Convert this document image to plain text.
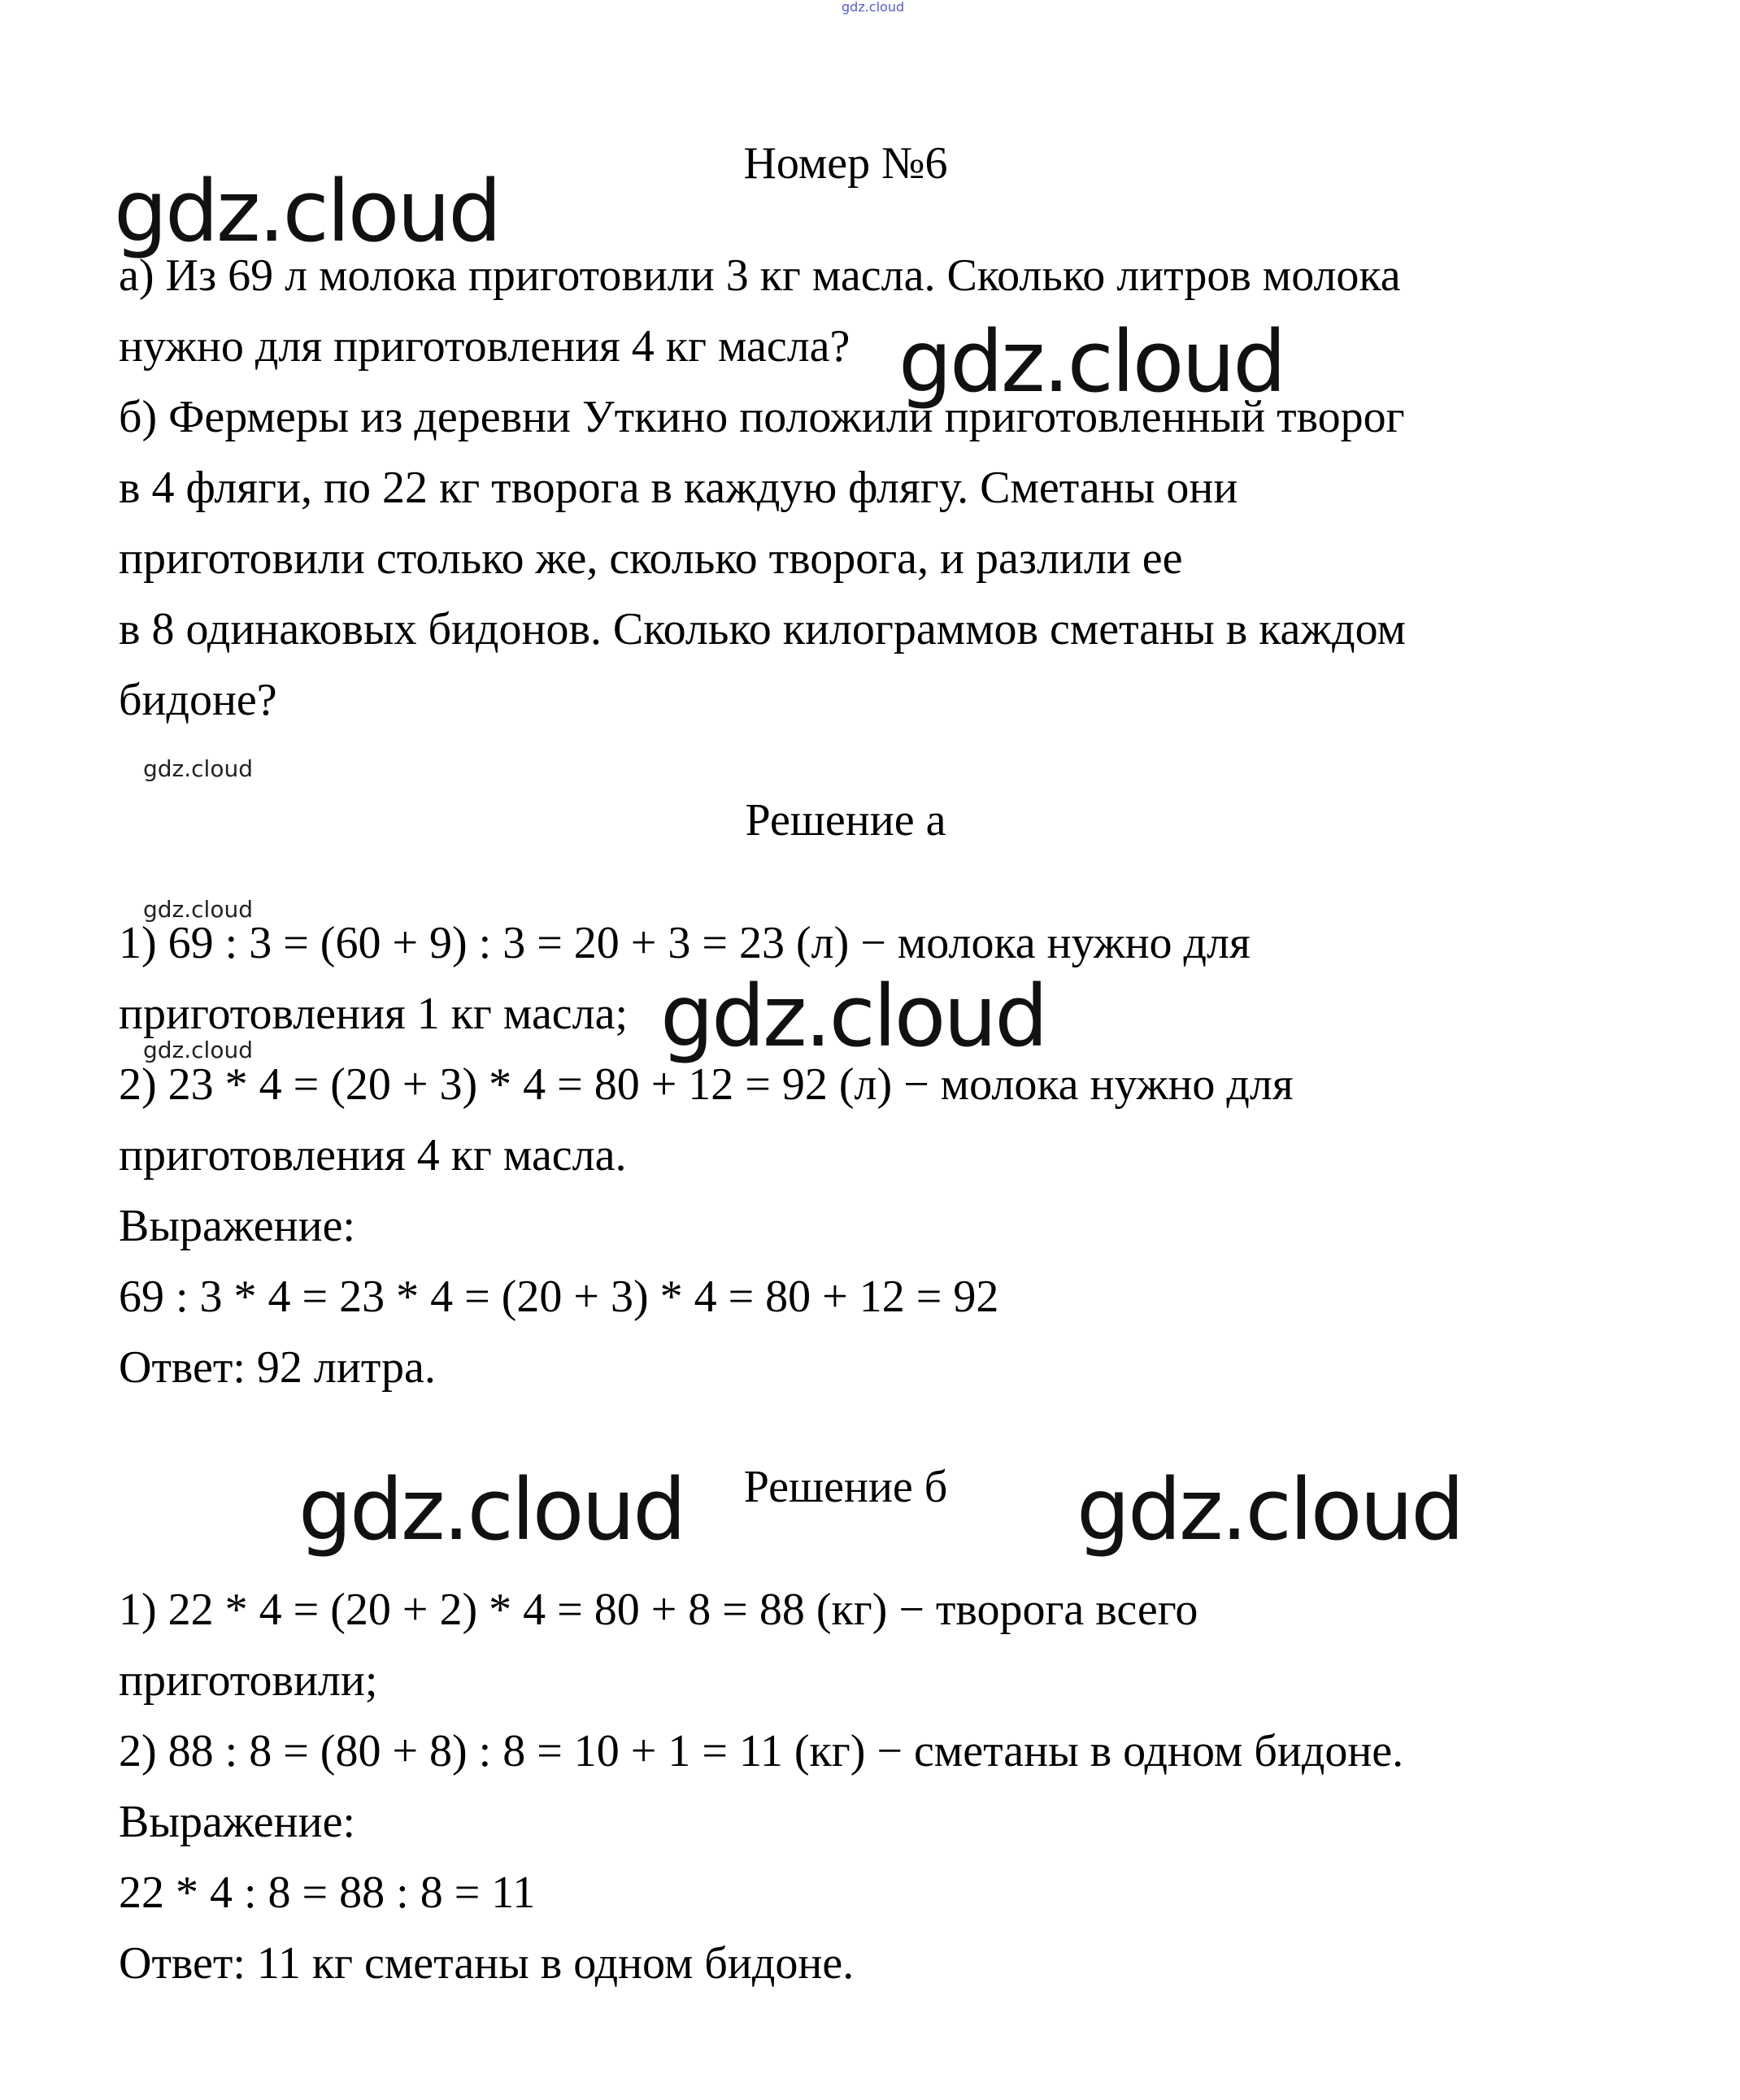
gdz.cloud
Номер №6
gdz.cloud
а) Из 69 л молока приготовили 3 кг масла. Сколько литров молока
нужно для приготовления 4 кг масла?
б) Фермеры из деревни Уткино положили приготовленный творог
в 4 фляги, по 22 кг творога в каждую флягу. Сметаны они
приготовили столько же, сколько творога, и разлили ее
в 8 одинаковых бидонов. Сколько килограммов сметаны в каждом
бидоне?
gdz.cloud
gdz.cloud
Решение а
gdz.cloud
gdz.cloud
1) 69 : 3 = (60 + 9) : 3 = 20 + 3 = 23 (л) − молока нужно для
приготовления 1 кг масла;
2) 23 * 4 = (20 + 3) * 4 = 80 + 12 = 92 (л) − молока нужно для
приготовления 4 кг масла.
Выражение:
69 : 3 * 4 = 23 * 4 = (20 + 3) * 4 = 80 + 12 = 92
Ответ: 92 литра.
gdz.cloud
Решение б
gdz.cloud	gdz.cloud
1) 22 * 4 = (20 + 2) * 4 = 80 + 8 = 88 (кг) − творога всего
приготовили;
2) 88 : 8 = (80 + 8) : 8 = 10 + 1 = 11 (кг) − сметаны в одном бидоне.
Выражение:
22 * 4 : 8 = 88 : 8 = 11
Ответ: 11 кг сметаны в одном бидоне.
